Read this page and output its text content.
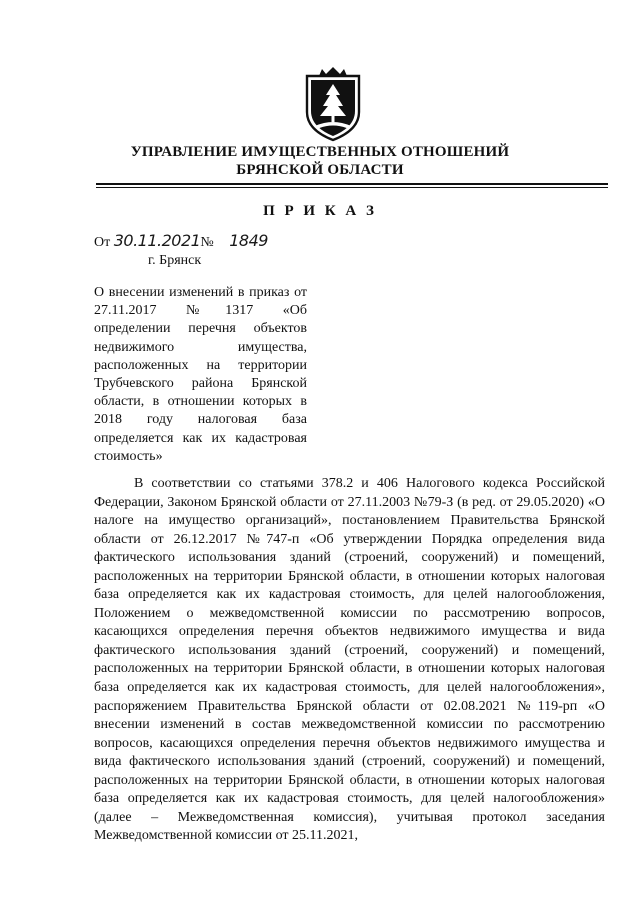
УПРАВЛЕНИЕ ИМУЩЕСТВЕННЫХ ОТНОШЕНИЙ
БРЯНСКОЙ ОБЛАСТИ
П Р И К А З
От 30.11.2021№ 1849
г. Брянск
О внесении изменений в приказ от 27.11.2017 №1317 «Об определении перечня объектов недвижимого имущества, расположенных на территории Трубчевского района Брянской области, в отношении которых в 2018 году налоговая база определяется как их кадастровая стоимость»
В соответствии со статьями 378.2 и 406 Налогового кодекса Российской Федерации, Законом Брянской области от 27.11.2003 №79-З (в ред. от 29.05.2020) «О налоге на имущество организаций», постановлением Правительства Брянской области от 26.12.2017 №747-п «Об утверждении Порядка определения вида фактического использования зданий (строений, сооружений) и помещений, расположенных на территории Брянской области, в отношении которых налоговая база определяется как их кадастровая стоимость, для целей налогообложения, Положением о межведомственной комиссии по рассмотрению вопросов, касающихся определения перечня объектов недвижимого имущества и вида фактического использования зданий (строений, сооружений) и помещений, расположенных на территории Брянской области, в отношении которых налоговая база определяется как их кадастровая стоимость, для целей налогообложения», распоряжением Правительства Брянской области от 02.08.2021 №119-рп «О внесении изменений в состав межведомственной комиссии по рассмотрению вопросов, касающихся определения перечня объектов недвижимого имущества и вида фактического использования зданий (строений, сооружений) и помещений, расположенных на территории Брянской области, в отношении которых налоговая база определяется как их кадастровая стоимость, для целей налогообложения» (далее – Межведомственная комиссия), учитывая протокол заседания Межведомственной комиссии от 25.11.2021,
